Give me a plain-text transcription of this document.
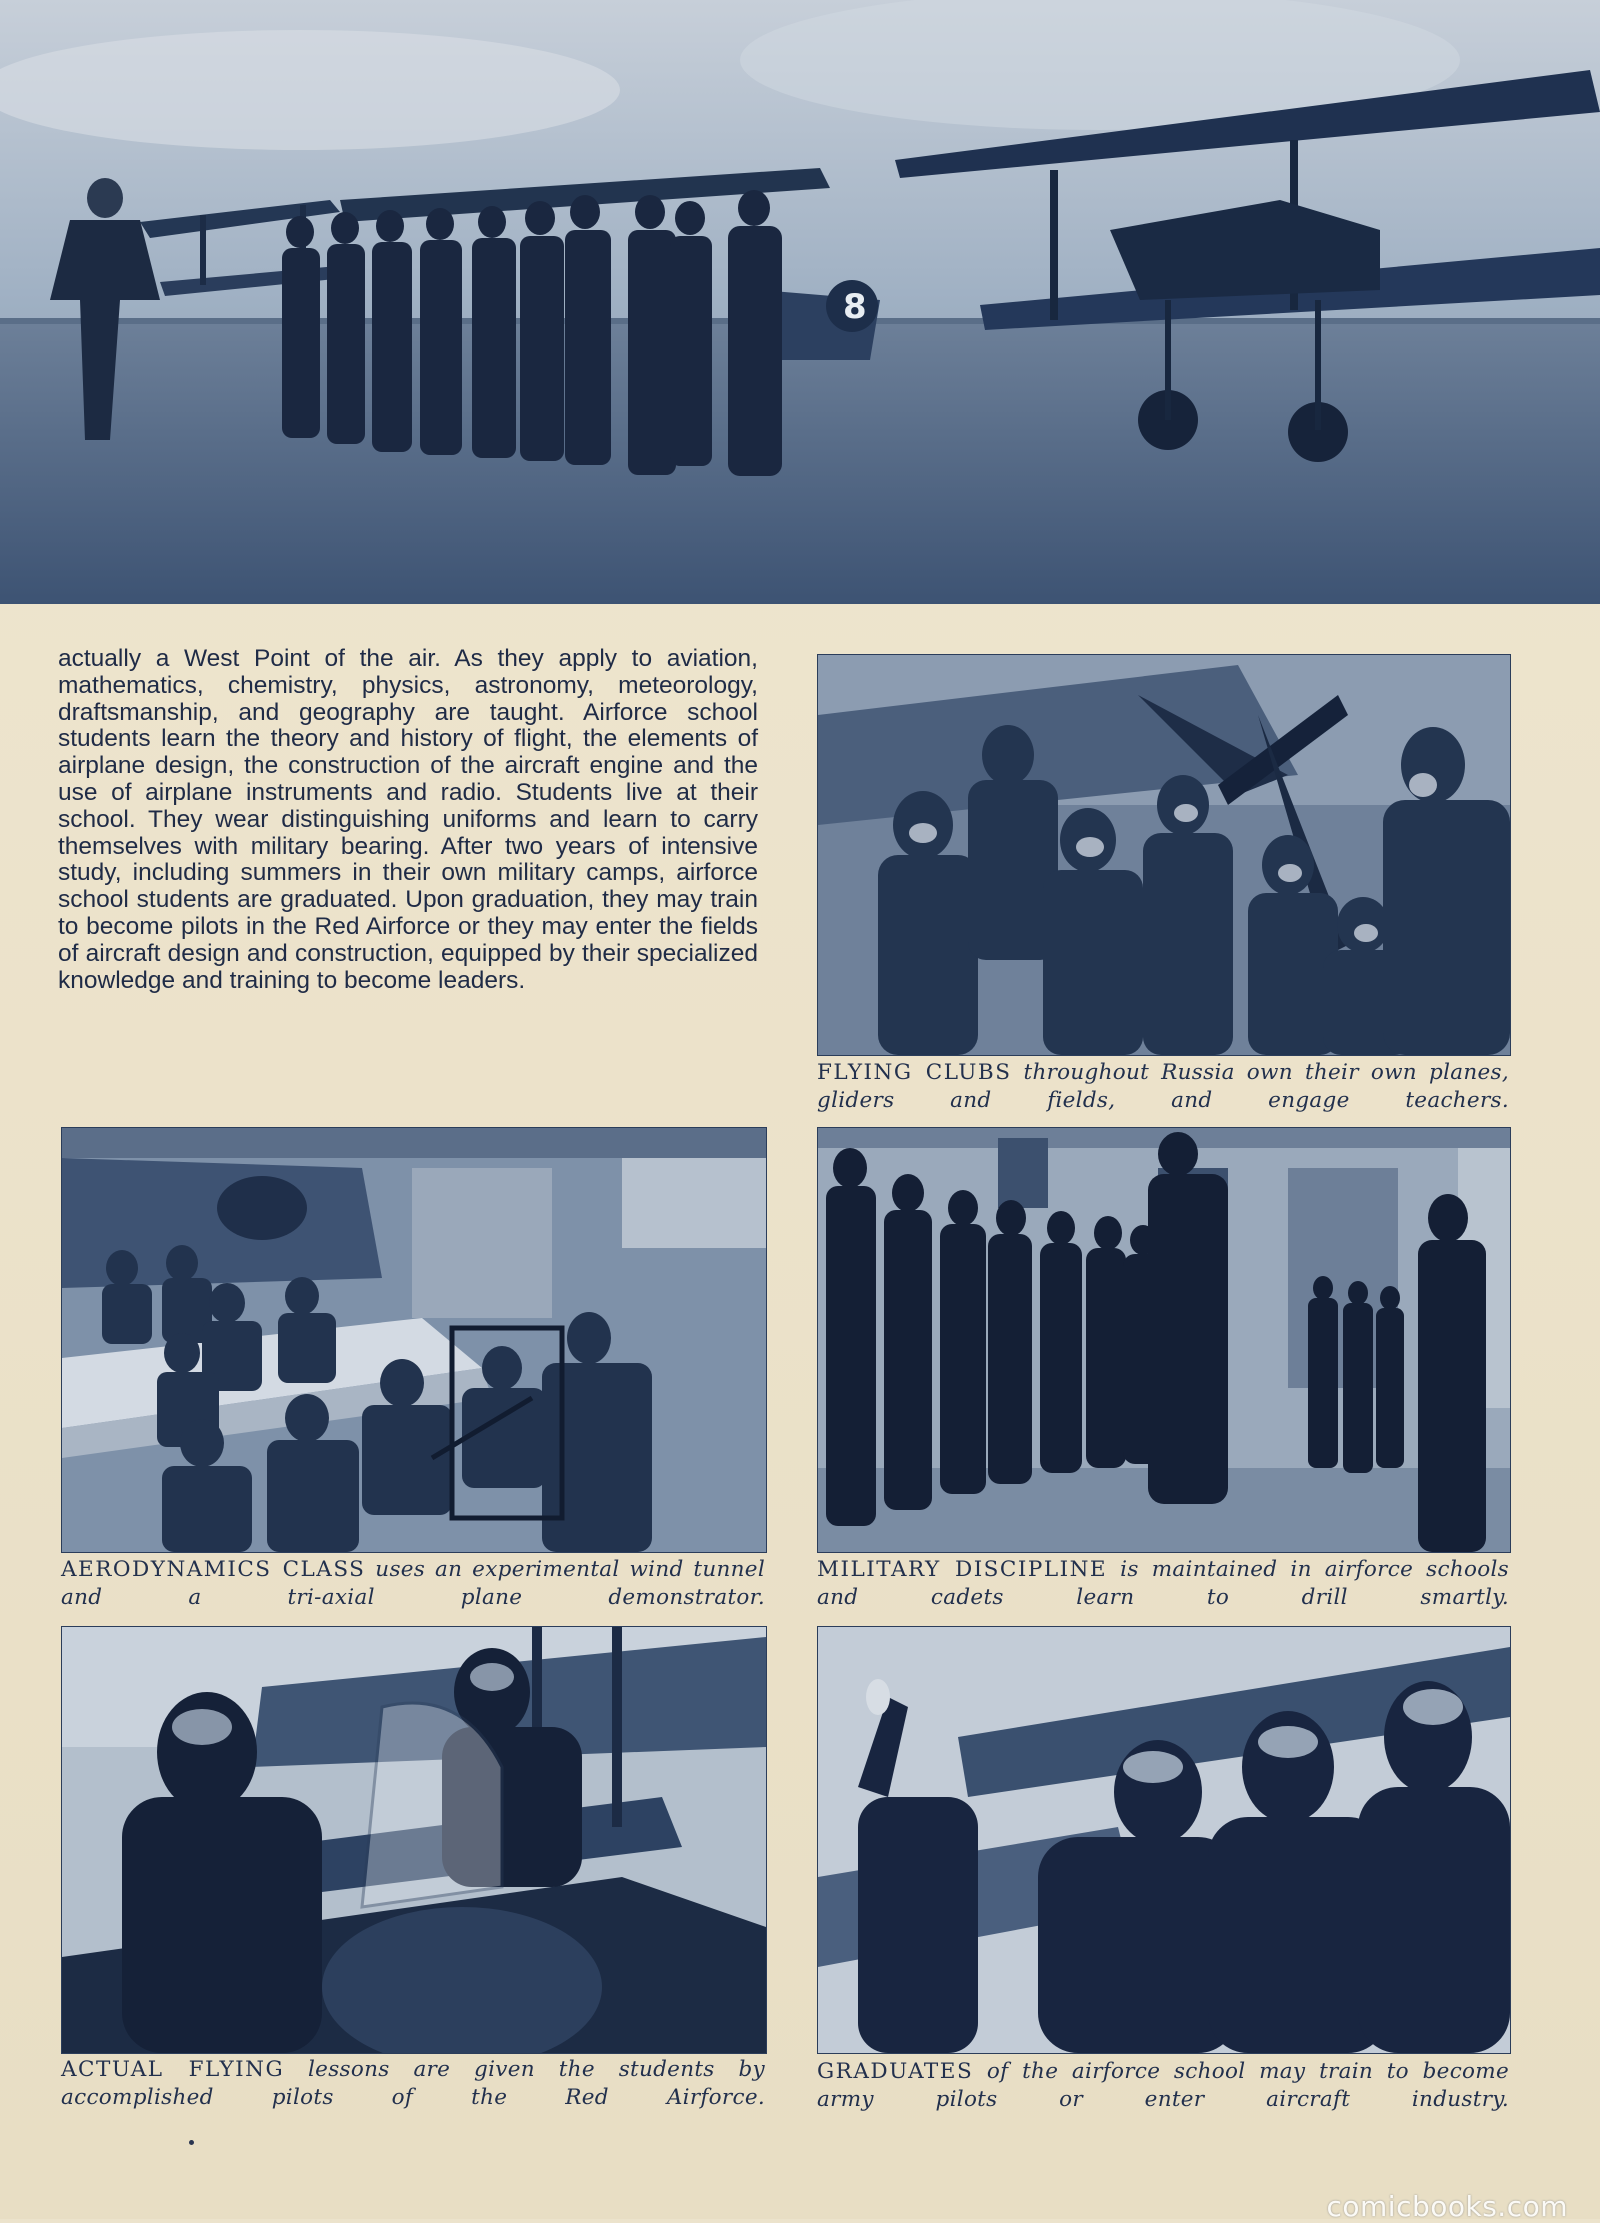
8

actually a West Point of the air. As they apply to aviation, mathematics, chemistry, physics, astronomy, meteorology, draftsmanship, and geography are taught. Airforce school students learn the theory and history of flight, the elements of airplane design, the construction of the aircraft engine and the use of airplane instruments and radio. Students live at their school. They wear distinguishing uniforms and learn to carry themselves with military bearing. After two years of intensive study, including summers in their own military camps, airforce school students are graduated. Upon graduation, they may train to become pilots in the Red Airforce or they may enter the fields of aircraft design and construction, equipped by their specialized knowledge and training to become leaders.

FLYING CLUBS throughout Russia own their own planes, gliders and fields, and engage teachers.

AERODYNAMICS CLASS uses an experimental wind tunnel and a tri-axial plane demonstrator.

MILITARY DISCIPLINE is maintained in airforce schools and cadets learn to drill smartly.

ACTUAL FLYING lessons are given the students by accomplished pilots of the Red Airforce.

GRADUATES of the airforce school may train to become army pilots or enter aircraft industry.

comicbooks.com
